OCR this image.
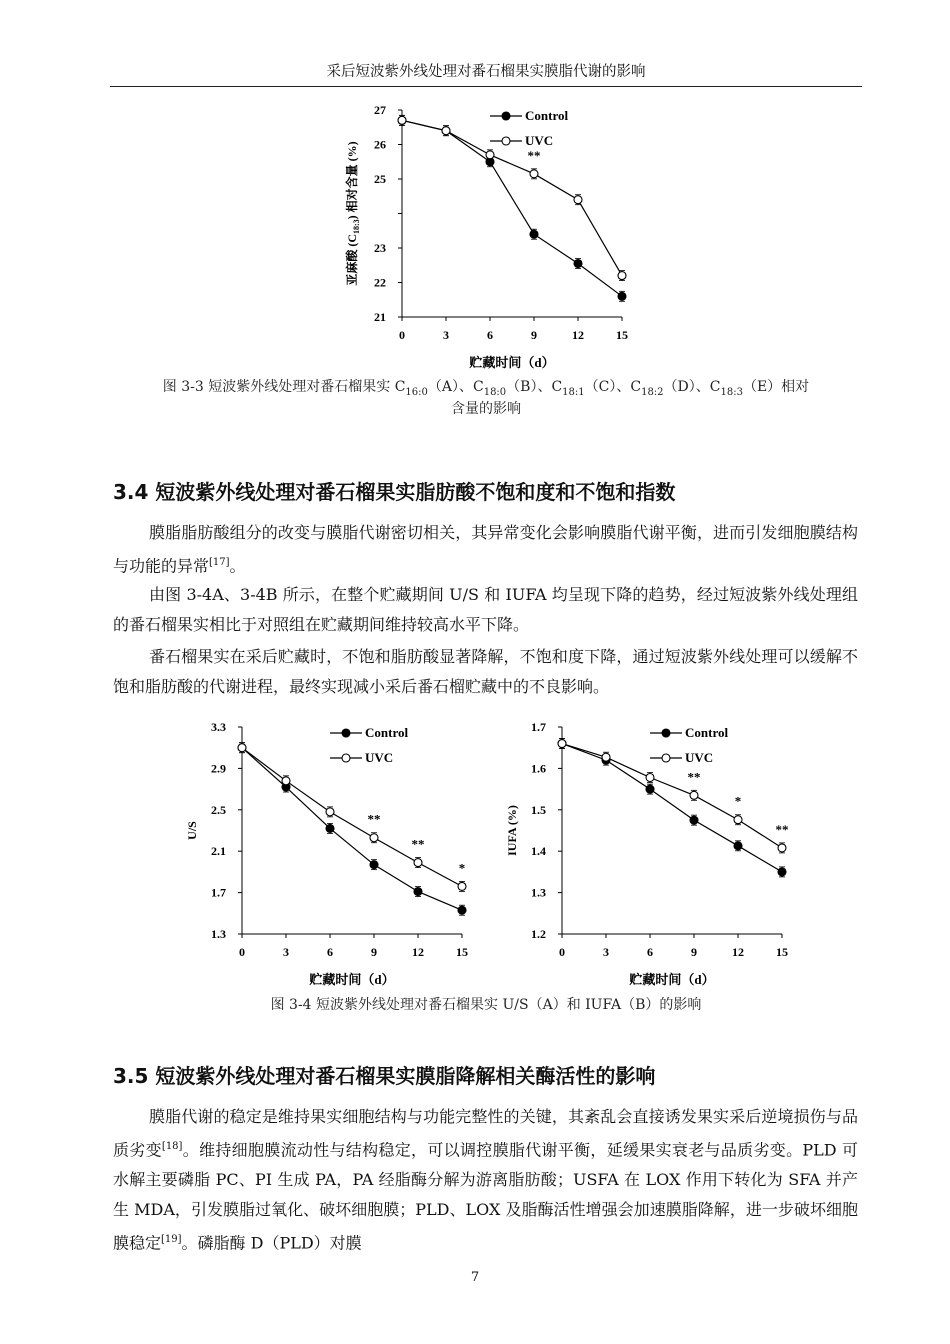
采后短波紫外线处理对番石榴果实膜脂代谢的影响
21
22
23
25
26
27
0	3	6	9	12	15
贮藏时间（d）
亚麻酸 $(C_{18:3})$ 相对含量 (%)	**
Control
UVC
图 3-3 短波紫外线处理对番石榴果实 $C_{16:0}(A)$、$C_{18:0}(B)$、$C_{18:1}(C)$、$C_{18:2}(D)$、$C_{18:3}(E)$相对
含量的影响
3.4 短波紫外线处理对番石榴果实脂肪酸不饱和度和不饱和指数
膜脂脂肪酸组分的改变与膜脂代谢密切相关，其异常变化会影响膜脂代谢平衡，进而引发细胞膜结构与功能的异常[17]。
由图 3-4A、3-4B 所示，在整个贮藏期间 U/S 和 IUFA 均呈现下降的趋势，经过短波紫外线处理组的番石榴果实相比于对照组在贮藏期间维持较高水平下降。
番石榴果实在采后贮藏时，不饱和脂肪酸显著降解，不饱和度下降，通过短波紫外线处理可以缓解不饱和脂肪酸的代谢进程，最终实现减小采后番石榴贮藏中的不良影响。
1.3
1.7
2.1
2.5
2.9
3.3
0	3	6	9	12	15
贮藏时间（d）
U/S
**
**
*
Control
UVC
1.2
1.3
1.4
1.5
1.6
1.7
0	3	6	9	12	15
贮藏时间（d）
IUFA (%)
**
*
**
Control
UVC
图 3-4 短波紫外线处理对番石榴果实 U/S（A）和 IUFA（B）的影响
3.5 短波紫外线处理对番石榴果实膜脂降解相关酶活性的影响
膜脂代谢的稳定是维持果实细胞结构与功能完整性的关键，其紊乱会直接诱发果实采后逆境损伤与品质劣变[18]。维持细胞膜流动性与结构稳定，可以调控膜脂代谢平衡，延缓果实衰老与品质劣变。PLD 可水解主要磷脂 PC、PI 生成 PA，PA 经脂酶分解为游离脂肪酸；USFA 在 LOX 作用下转化为 SFA 并产生 MDA，引发膜脂过氧化、破坏细胞膜；PLD、LOX 及脂酶活性增强会加速膜脂降解，进一步破坏细胞膜稳定[19]。磷脂酶 D（PLD）对膜
7
